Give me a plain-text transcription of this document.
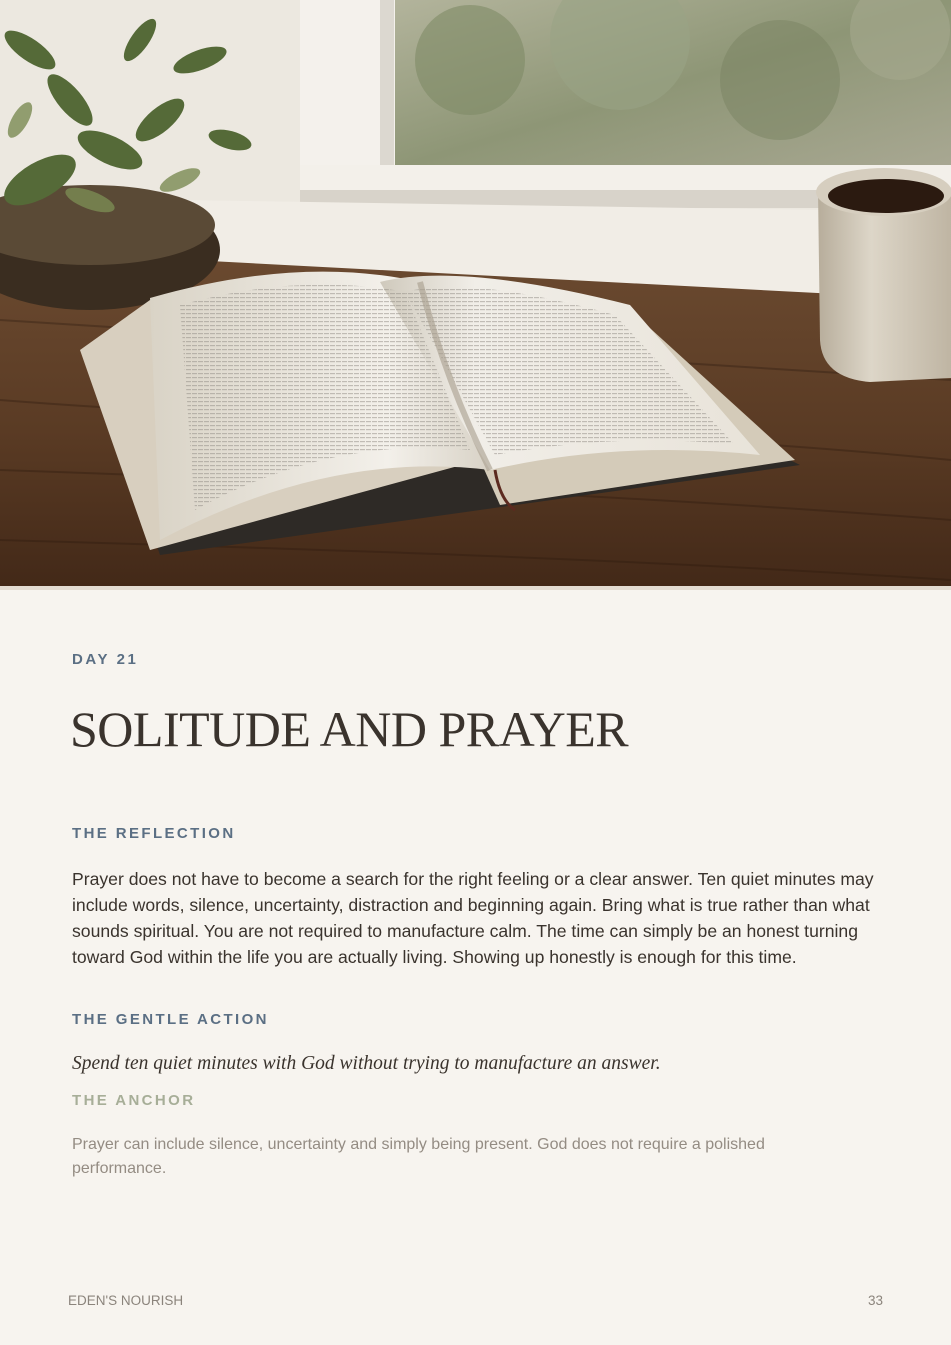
DAY 21
SOLITUDE AND PRAYER
THE REFLECTION

Prayer does not have to become a search for the right feeling or a clear answer. Ten quiet minutes may include words, silence, uncertainty, distraction and beginning again. Bring what is true rather than what sounds spiritual. You are not required to manufacture calm. The time can simply be an honest turning toward God within the life you are actually living. Showing up honestly is enough for this time.

THE GENTLE ACTION

Spend ten quiet minutes with God without trying to manufacture an answer.

THE ANCHOR

Prayer can include silence, uncertainty and simply being present. God does not require a polished performance.

EDEN'S NOURISH	33
